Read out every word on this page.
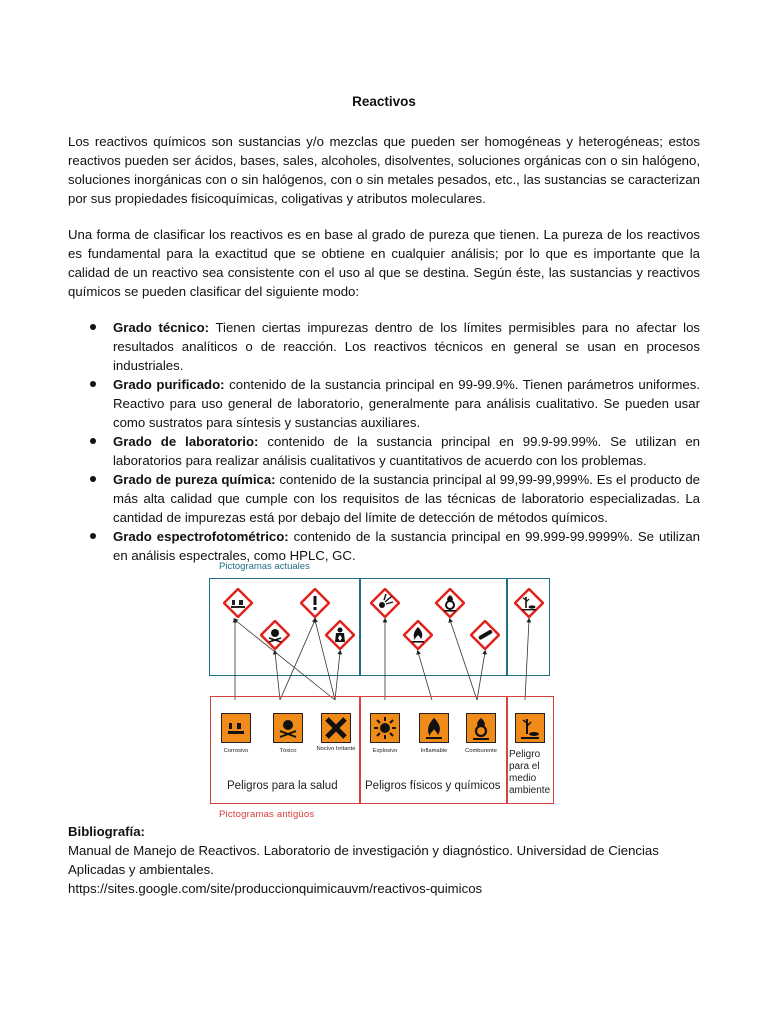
Reactivos

Los reactivos químicos son sustancias y/o mezclas que pueden ser homogéneas y heterogéneas; estos reactivos pueden ser ácidos, bases, sales, alcoholes, disolventes, soluciones orgánicas con o sin halógeno, soluciones inorgánicas con o sin halógenos, con o sin metales pesados, etc., las sustancias se caracterizan por sus propiedades fisicoquímicas, coligativas y atributos moleculares.

Una forma de clasificar los reactivos es en base al grado de pureza que tienen. La pureza de los reactivos es fundamental para la exactitud que se obtiene en cualquier análisis; por lo que es importante que la calidad de un reactivo sea consistente con el uso al que se destina. Según éste, las sustancias y reactivos químicos se pueden clasificar del siguiente modo:

Grado técnico: Tienen ciertas impurezas dentro de los límites permisibles para no afectar los resultados analíticos o de reacción. Los reactivos técnicos en general se usan en procesos industriales.
Grado purificado: contenido de la sustancia principal en 99-99.9%. Tienen parámetros uniformes. Reactivo para uso general de laboratorio, generalmente para análisis cualitativo. Se pueden usar como sustratos para síntesis y sustancias auxiliares.
Grado de laboratorio: contenido de la sustancia principal en 99.9-99.99%. Se utilizan en laboratorios para realizar análisis cualitativos y cuantitativos de acuerdo con los problemas.
Grado de pureza química: contenido de la sustancia principal al 99,99-99,999%. Es el producto de más alta calidad que cumple con los requisitos de las técnicas de laboratorio especializadas. La cantidad de impurezas está por debajo del límite de detección de métodos químicos.
Grado espectrofotométrico: contenido de la sustancia principal en 99.999-99.9999%. Se utilizan en análisis espectrales, como HPLC, GC.
Pictogramas actuales
Corrosivo	Tóxico	Nocivo Irritante	Explosivo	Inflamable	Comburente
Peligros para la salud Peligros físicos y químicos
Peligro para el medio ambiente
Pictogramas antigüos
Bibliografía:
Manual de Manejo de Reactivos. Laboratorio de investigación y diagnóstico. Universidad de Ciencias Aplicadas y ambientales.
https://sites.google.com/site/produccionquimicauvm/reactivos-quimicos
